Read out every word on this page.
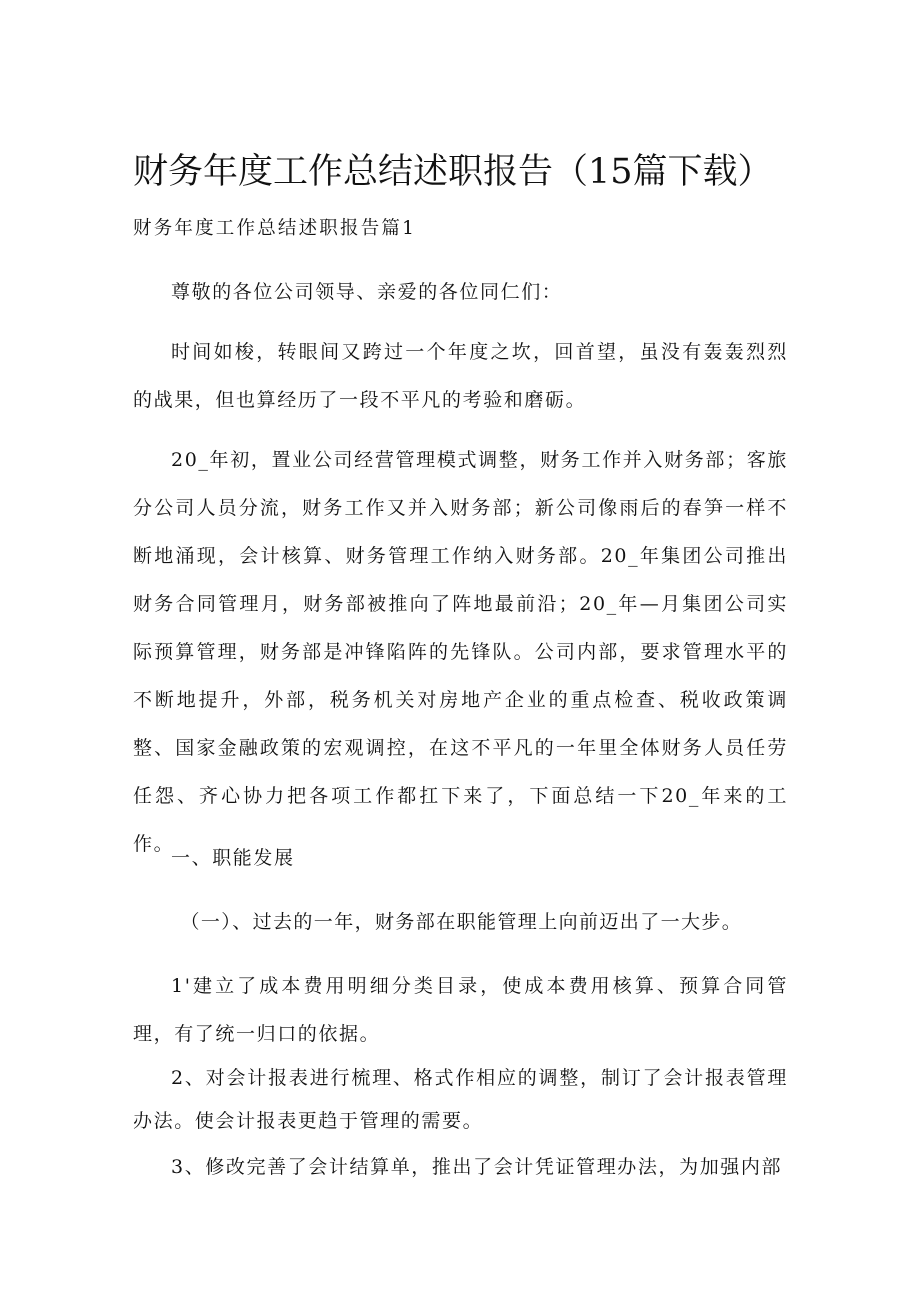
财务年度工作总结述职报告（15篇下载）

财务年度工作总结述职报告篇1

尊敬的各位公司领导、亲爱的各位同仁们：

时间如梭，转眼间又跨过一个年度之坎，回首望，虽没有轰轰烈烈的战果，但也算经历了一段不平凡的考验和磨砺。

20_年初，置业公司经营管理模式调整，财务工作并入财务部；客旅分公司人员分流，财务工作又并入财务部；新公司像雨后的春笋一样不断地涌现，会计核算、财务管理工作纳入财务部。20_年集团公司推出财务合同管理月，财务部被推向了阵地最前沿；20_年—月集团公司实际预算管理，财务部是冲锋陷阵的先锋队。公司内部，要求管理水平的不断地提升，外部，税务机关对房地产企业的重点检查、税收政策调整、国家金融政策的宏观调控，在这不平凡的一年里全体财务人员任劳任怨、齐心协力把各项工作都扛下来了，下面总结一下20_年来的工作。

一、职能发展

（一）、过去的一年，财务部在职能管理上向前迈出了一大步。

1'建立了成本费用明细分类目录，使成本费用核算、预算合同管理，有了统一归口的依据。

2、对会计报表进行梳理、格式作相应的调整，制订了会计报表管理办法。使会计报表更趋于管理的需要。

3、修改完善了会计结算单，推出了会计凭证管理办法，为加强内部
